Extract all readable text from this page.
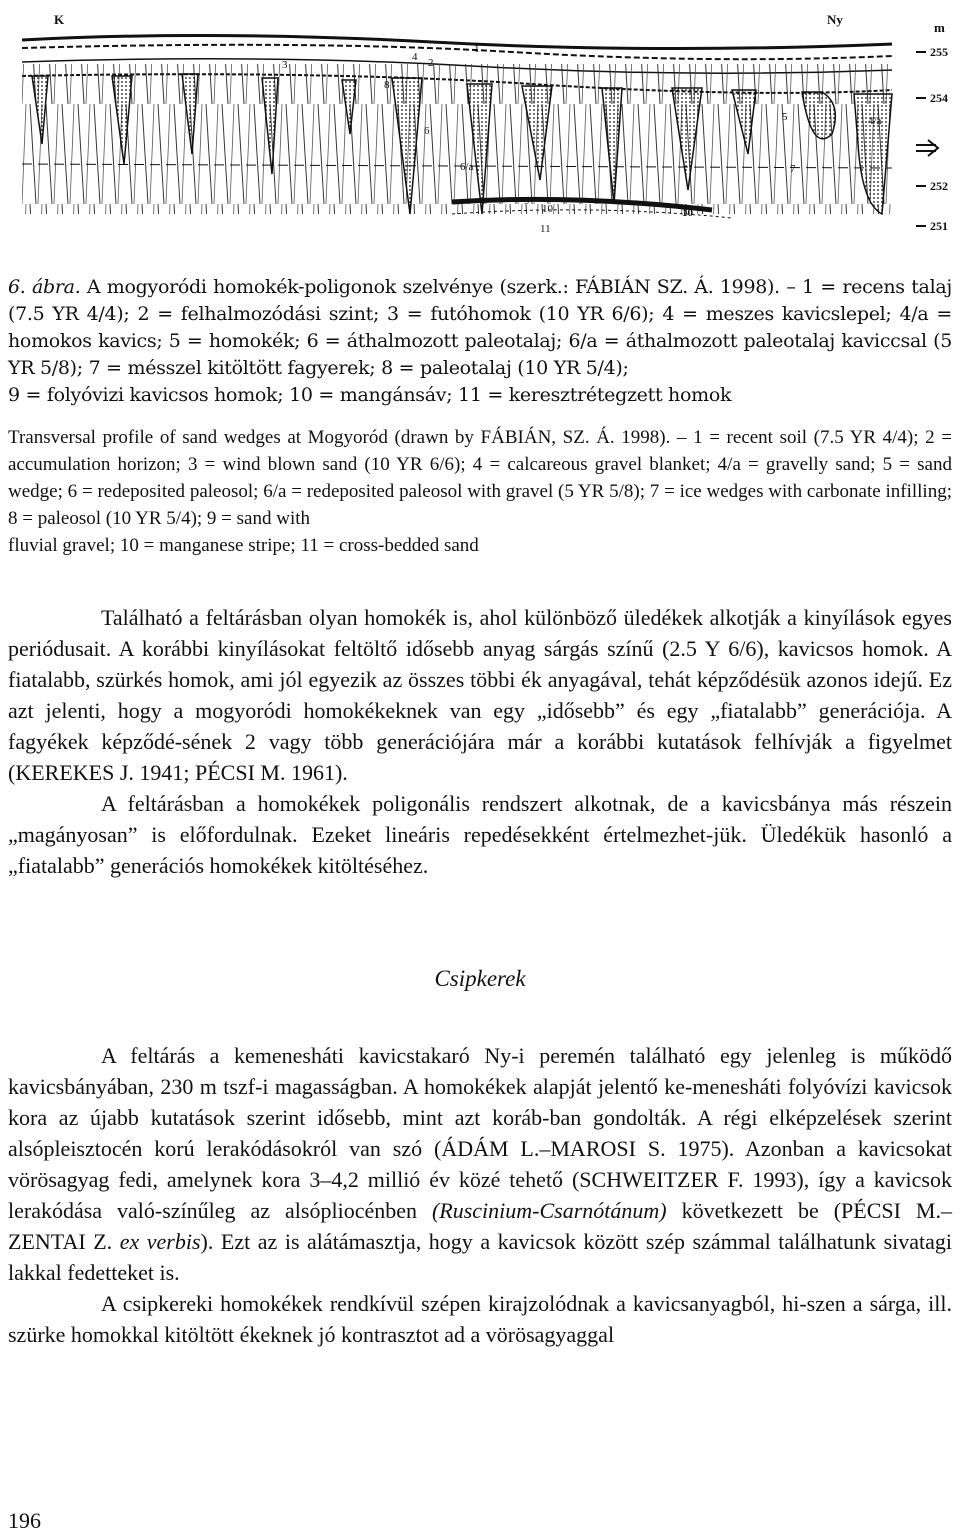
K	Ny
m
255
254
252
251
1
2
3
4
4/a
5
6
6/a	7
8
9
10
11
10
6. ábra. A mogyoródi homokék-poligonok szelvénye (szerk.: FÁBIÁN SZ. Á. 1998). – 1 = recens talaj (7.5 YR 4/4); 2 = felhalmozódási szint; 3 = futóhomok (10 YR 6/6); 4 = meszes kavicslepel; 4/a = homokos kavics; 5 = homokék; 6 = áthalmozott paleotalaj; 6/a = áthalmozott paleotalaj kaviccsal (5 YR 5/8); 7 = mésszel kitöltött fagyerek; 8 = paleotalaj (10 YR 5/4);
9 = folyóvizi kavicsos homok; 10 = mangánsáv; 11 = keresztrétegzett homok
Transversal profile of sand wedges at Mogyoród (drawn by FÁBIÁN, SZ. Á. 1998). – 1 = recent soil (7.5 YR 4/4); 2 = accumulation horizon; 3 = wind blown sand (10 YR 6/6); 4 = calcareous gravel blanket; 4/a = gravelly sand; 5 = sand wedge; 6 = redeposited paleosol; 6/a = redeposited paleosol with gravel (5 YR 5/8); 7 = ice wedges with carbonate infilling; 8 = paleosol (10 YR 5/4); 9 = sand with
fluvial gravel; 10 = manganese stripe; 11 = cross-bedded sand

Található a feltárásban olyan homokék is, ahol különböző üledékek alkotják a kinyílások egyes periódusait. A korábbi kinyílásokat feltöltő idősebb anyag sárgás színű (2.5 Y 6/6), kavicsos homok. A fiatalabb, szürkés homok, ami jól egyezik az összes többi ék anyagával, tehát képződésük azonos idejű. Ez azt jelenti, hogy a mogyoródi homokékeknek van egy „idősebb” és egy „fiatalabb” generációja. A fagyékek képződé-sének 2 vagy több generációjára már a korábbi kutatások felhívják a figyelmet (KEREKES J. 1941; PÉCSI M. 1961).

A feltárásban a homokékek poligonális rendszert alkotnak, de a kavicsbánya más részein „magányosan” is előfordulnak. Ezeket lineáris repedésekként értelmezhet-jük. Üledékük hasonló a „fiatalabb” generációs homokékek kitöltéséhez.

Csipkerek

A feltárás a kemenesháti kavicstakaró Ny-i peremén található egy jelenleg is működő kavicsbányában, 230 m tszf-i magasságban. A homokékek alapját jelentő ke-menesháti folyóvízi kavicsok kora az újabb kutatások szerint idősebb, mint azt koráb-ban gondolták. A régi elképzelések szerint alsópleisztocén korú lerakódásokról van szó (ÁDÁM L.–MAROSI S. 1975). Azonban a kavicsokat vörösagyag fedi, amelynek kora 3–4,2 millió év közé tehető (SCHWEITZER F. 1993), így a kavicsok lerakódása való-színűleg az alsópliocénben (Ruscinium-Csarnótánum) következett be (PÉCSI M.–ZENTAI Z. ex verbis). Ezt az is alátámasztja, hogy a kavicsok között szép számmal találhatunk sivatagi lakkal fedetteket is.

A csipkereki homokékek rendkívül szépen kirajzolódnak a kavicsanyagból, hi-szen a sárga, ill. szürke homokkal kitöltött ékeknek jó kontrasztot ad a vörösagyaggal

196
